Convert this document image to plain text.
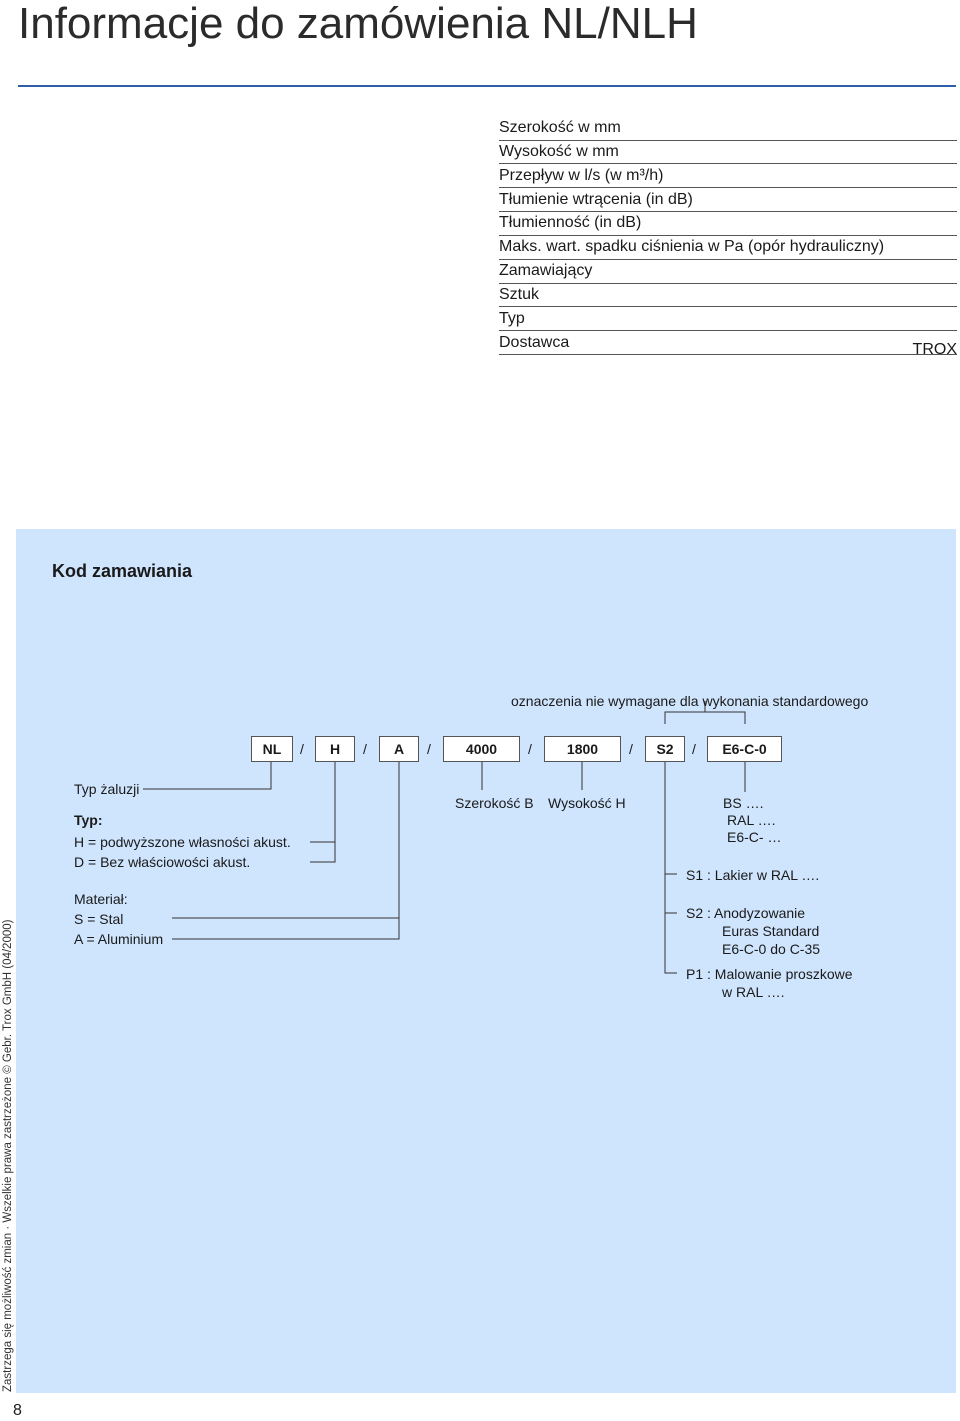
Informacje do zamówienia NL/NLH
Szerokość w mm
Wysokość w mm
Przepływ w l/s (w m³/h)
Tłumienie wtrącenia (in dB)
Tłumienność (in dB)
Maks. wart. spadku ciśnienia w Pa (opór hydrauliczny)
Zamawiający
Sztuk
Typ
Dostawca	TROX
Kod zamawiania
oznaczenia nie wymagane dla wykonania standardowego
NL	/	H	/	A	/	4000	/	1800	/	S2	/	E6-C-0
Typ żaluzji
Typ:
H = podwyższone własności akust.
D = Bez właściowości akust.
Materiał:
S = Stal
A = Aluminium
Szerokość B Wysokość H	BS ….
RAL ….
E6-C- …
S1 : Lakier w RAL ….
S2 : Anodyzowanie
Euras Standard
E6-C-0 do C-35
P1 : Malowanie proszkowe
w RAL ….
Zastrzega się możliwość zmian · Wszelkie prawa zastrzeżone © Gebr. Trox GmbH (04/2000)
8
